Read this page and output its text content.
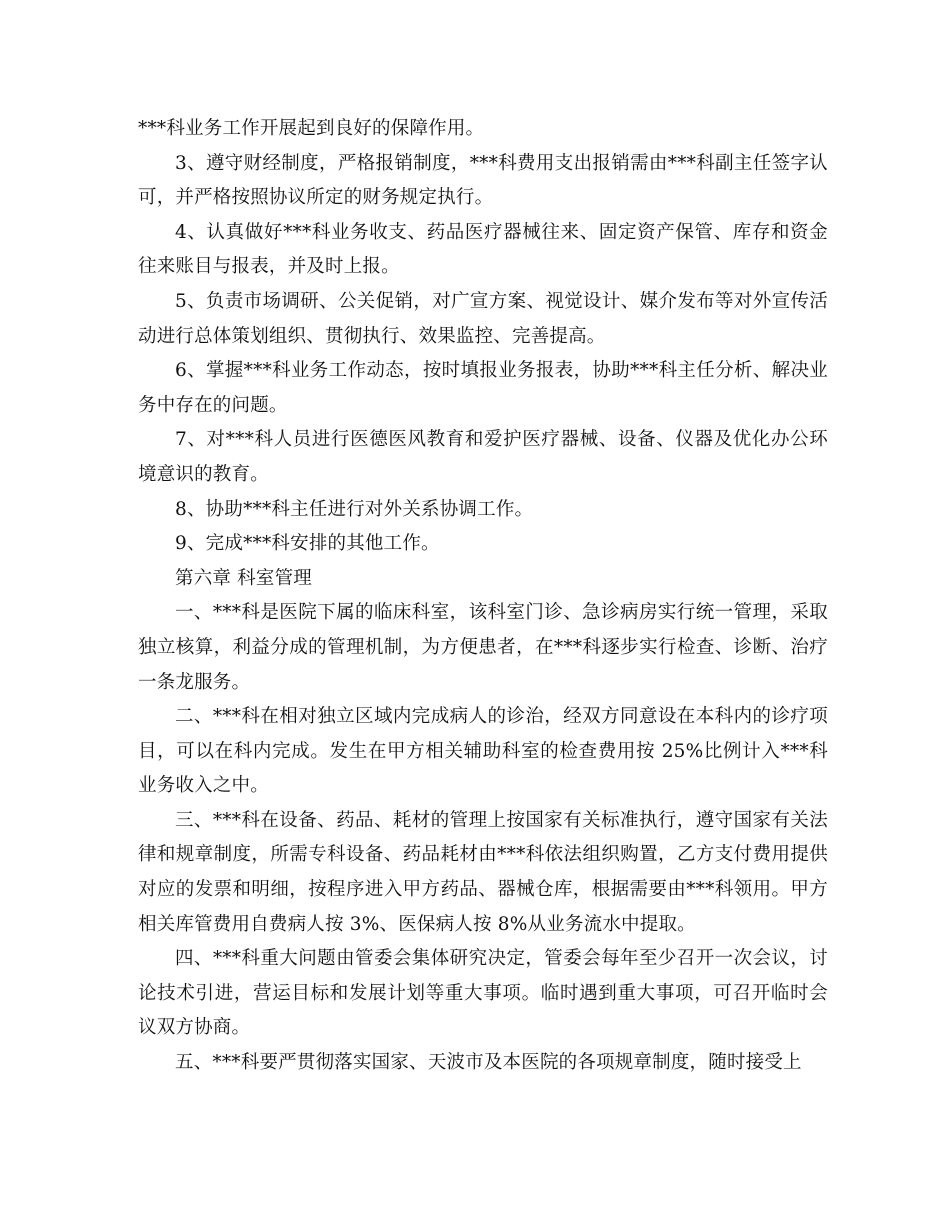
***科业务工作开展起到良好的保障作用。

3、遵守财经制度，严格报销制度，***科费用支出报销需由***科副主任签字认可，并严格按照协议所定的财务规定执行。

4、认真做好***科业务收支、药品医疗器械往来、固定资产保管、库存和资金往来账目与报表，并及时上报。

5、负责市场调研、公关促销，对广宣方案、视觉设计、媒介发布等对外宣传活动进行总体策划组织、贯彻执行、效果监控、完善提高。

6、掌握***科业务工作动态，按时填报业务报表，协助***科主任分析、解决业务中存在的问题。

7、对***科人员进行医德医风教育和爱护医疗器械、设备、仪器及优化办公环境意识的教育。

8、协助***科主任进行对外关系协调工作。

9、完成***科安排的其他工作。

第六章 科室管理

一、***科是医院下属的临床科室，该科室门诊、急诊病房实行统一管理，采取独立核算，利益分成的管理机制，为方便患者，在***科逐步实行检查、诊断、治疗一条龙服务。

二、***科在相对独立区域内完成病人的诊治，经双方同意设在本科内的诊疗项目，可以在科内完成。发生在甲方相关辅助科室的检查费用按 25%比例计入***科业务收入之中。

三、***科在设备、药品、耗材的管理上按国家有关标准执行，遵守国家有关法律和规章制度，所需专科设备、药品耗材由***科依法组织购置，乙方支付费用提供对应的发票和明细，按程序进入甲方药品、器械仓库，根据需要由***科领用。甲方相关库管费用自费病人按 3%、医保病人按 8%从业务流水中提取。

四、***科重大问题由管委会集体研究决定，管委会每年至少召开一次会议，讨论技术引进，营运目标和发展计划等重大事项。临时遇到重大事项，可召开临时会议双方协商。

五、***科要严贯彻落实国家、天波市及本医院的各项规章制度，随时接受上
